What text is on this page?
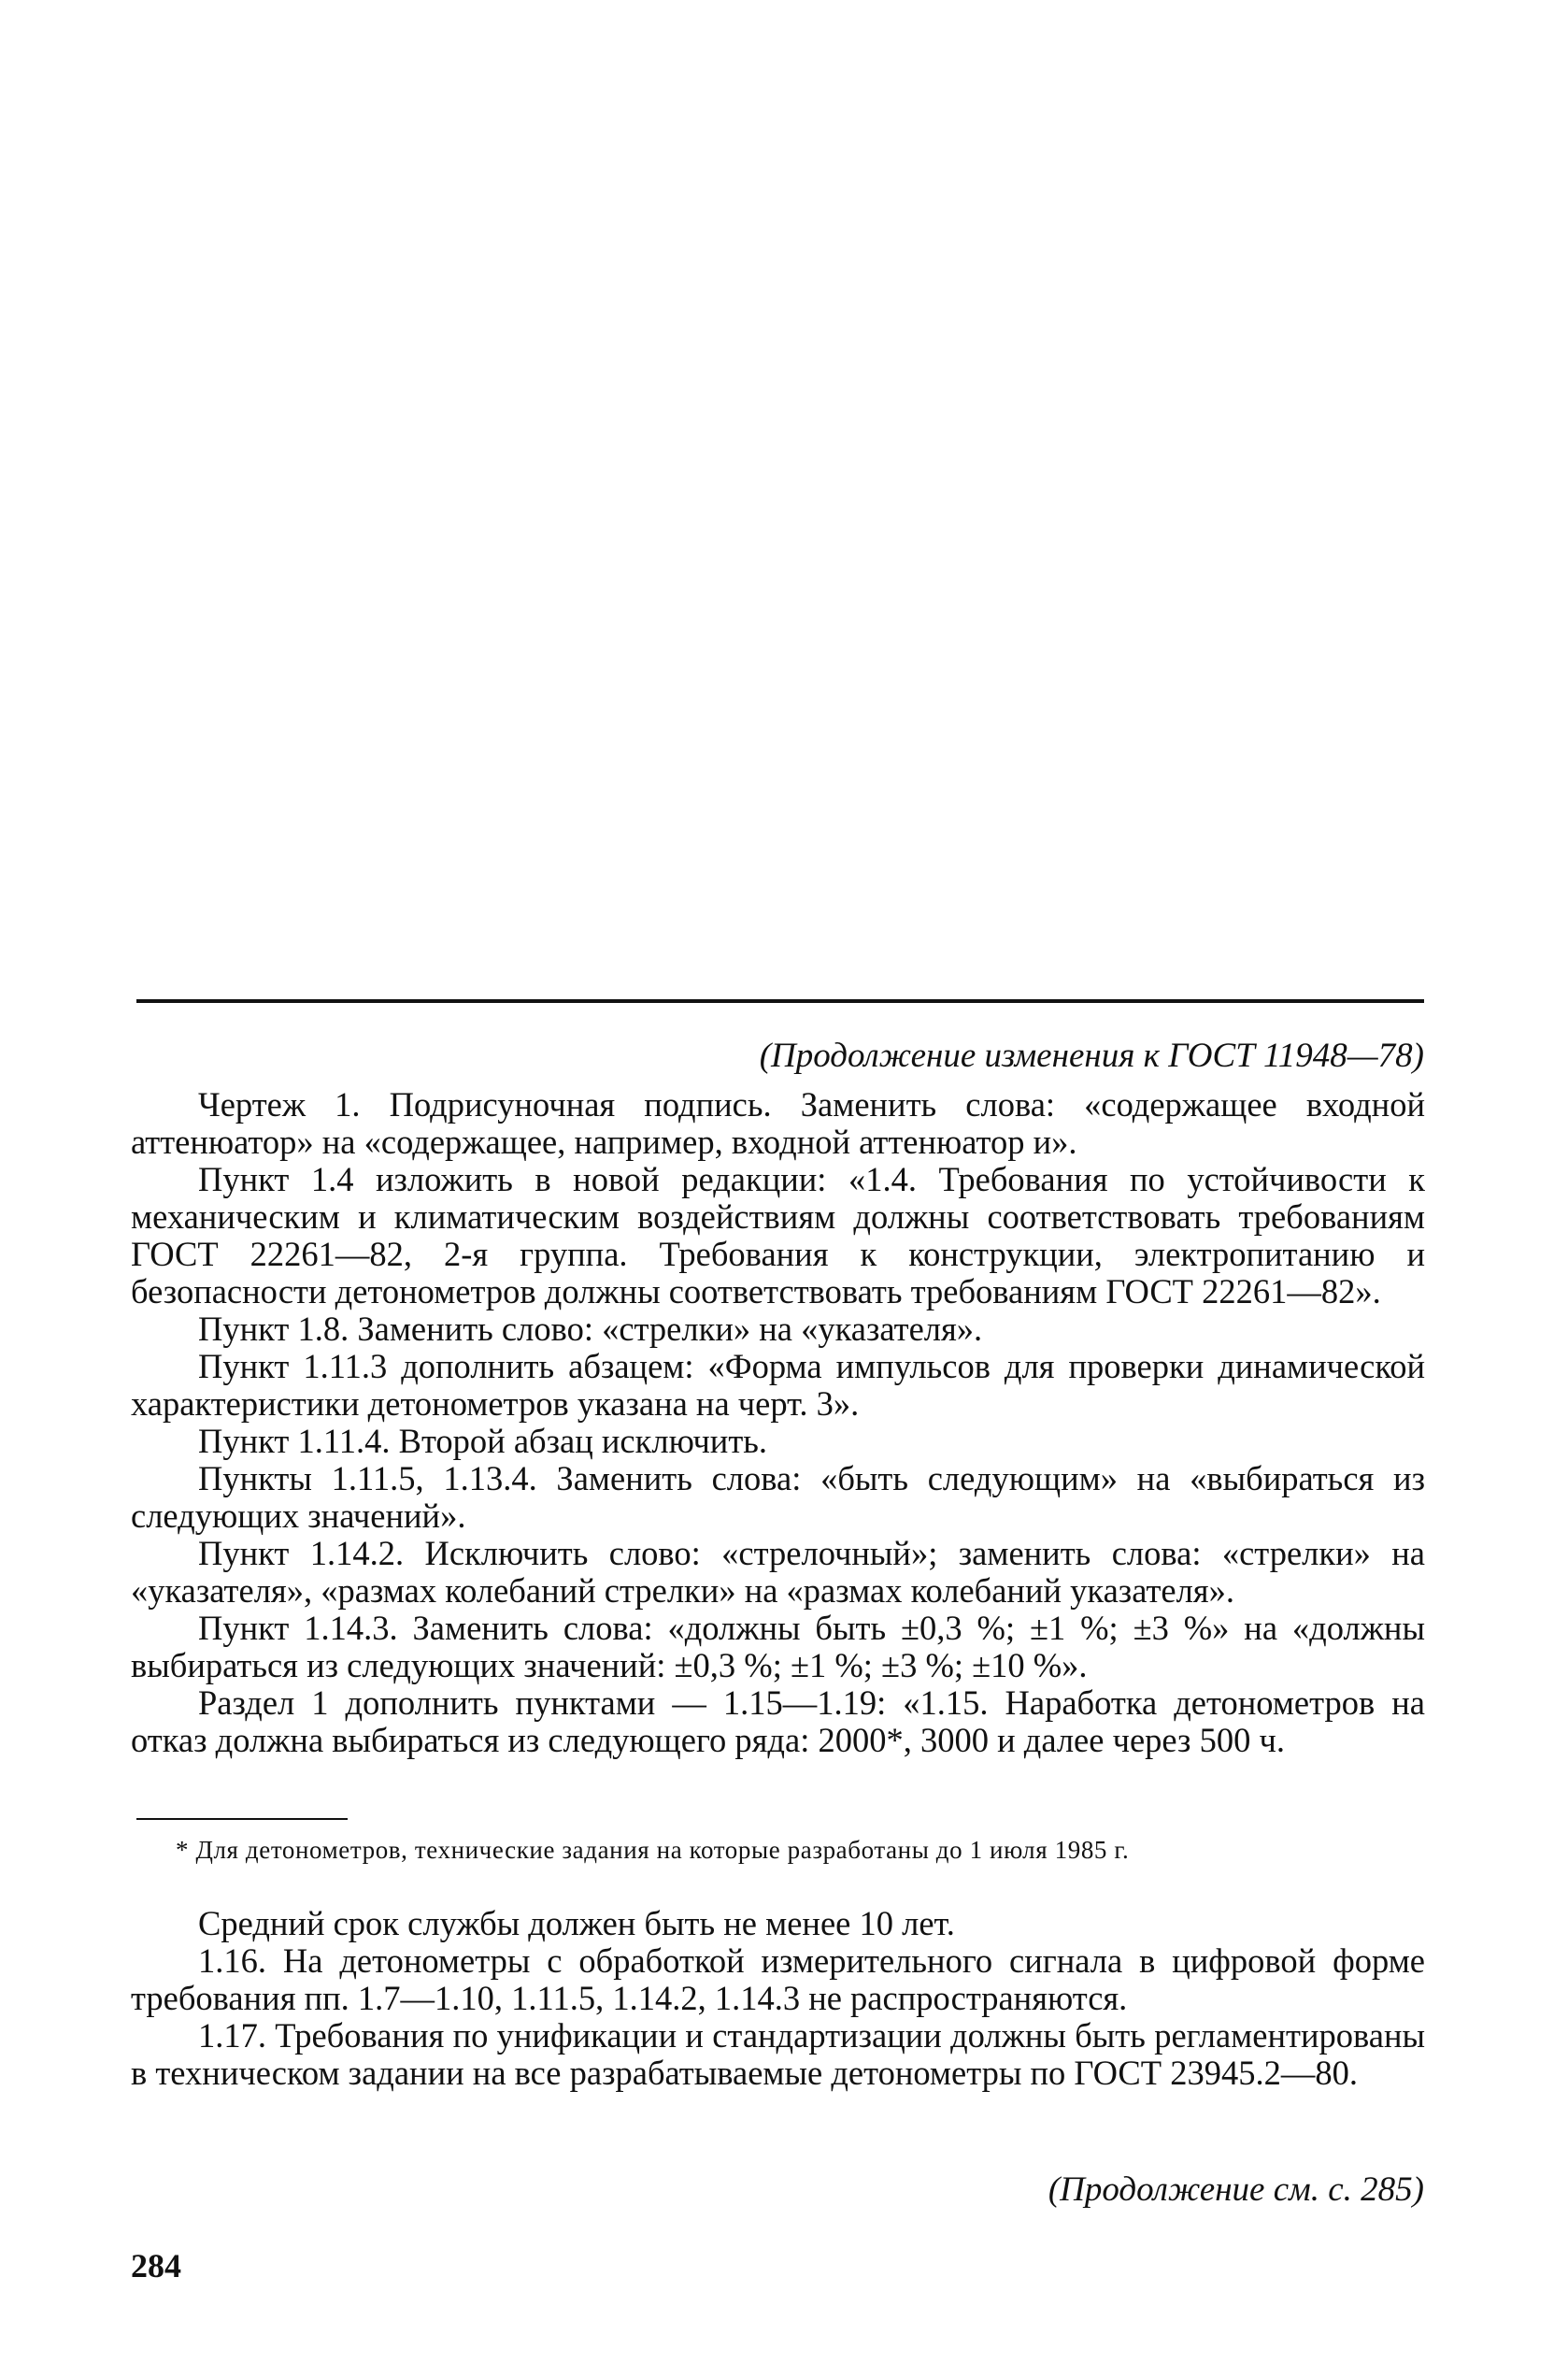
(Продолжение изменения к ГОСТ 11948—78)

Чертеж 1. Подрисуночная подпись. Заменить слова: «содержащее входной аттенюатор» на «содержащее, например, входной аттенюатор и».

Пункт 1.4 изложить в новой редакции: «1.4. Требования по устойчивости к механическим и климатическим воздействиям должны соответствовать требованиям ГОСТ 22261—82, 2-я группа. Требования к конструкции, электропитанию и безопасности детонометров должны соответствовать требованиям ГОСТ 22261—82».

Пункт 1.8. Заменить слово: «стрелки» на «указателя».

Пункт 1.11.3 дополнить абзацем: «Форма импульсов для проверки динамической характеристики детонометров указана на черт. 3».

Пункт 1.11.4. Второй абзац исключить.

Пункты 1.11.5, 1.13.4. Заменить слова: «быть следующим» на «выбираться из следующих значений».

Пункт 1.14.2. Исключить слово: «стрелочный»; заменить слова: «стрелки» на «указателя», «размах колебаний стрелки» на «размах колебаний указателя».

Пункт 1.14.3. Заменить слова: «должны быть ±0,3 %; ±1 %; ±3 %» на «должны выбираться из следующих значений: ±0,3 %; ±1 %; ±3 %; ±10 %».

Раздел 1 дополнить пунктами — 1.15—1.19: «1.15. Наработка детонометров на отказ должна выбираться из следующего ряда: 2000*, 3000 и далее через 500 ч.

* Для детонометров, технические задания на которые разработаны до 1 июля 1985 г.

Средний срок службы должен быть не менее 10 лет.

1.16. На детонометры с обработкой измерительного сигнала в цифровой форме требования пп. 1.7—1.10, 1.11.5, 1.14.2, 1.14.3 не распространяются.

1.17. Требования по унификации и стандартизации должны быть регламентированы в техническом задании на все разрабатываемые детонометры по ГОСТ 23945.2—80.

(Продолжение см. с. 285)
284
